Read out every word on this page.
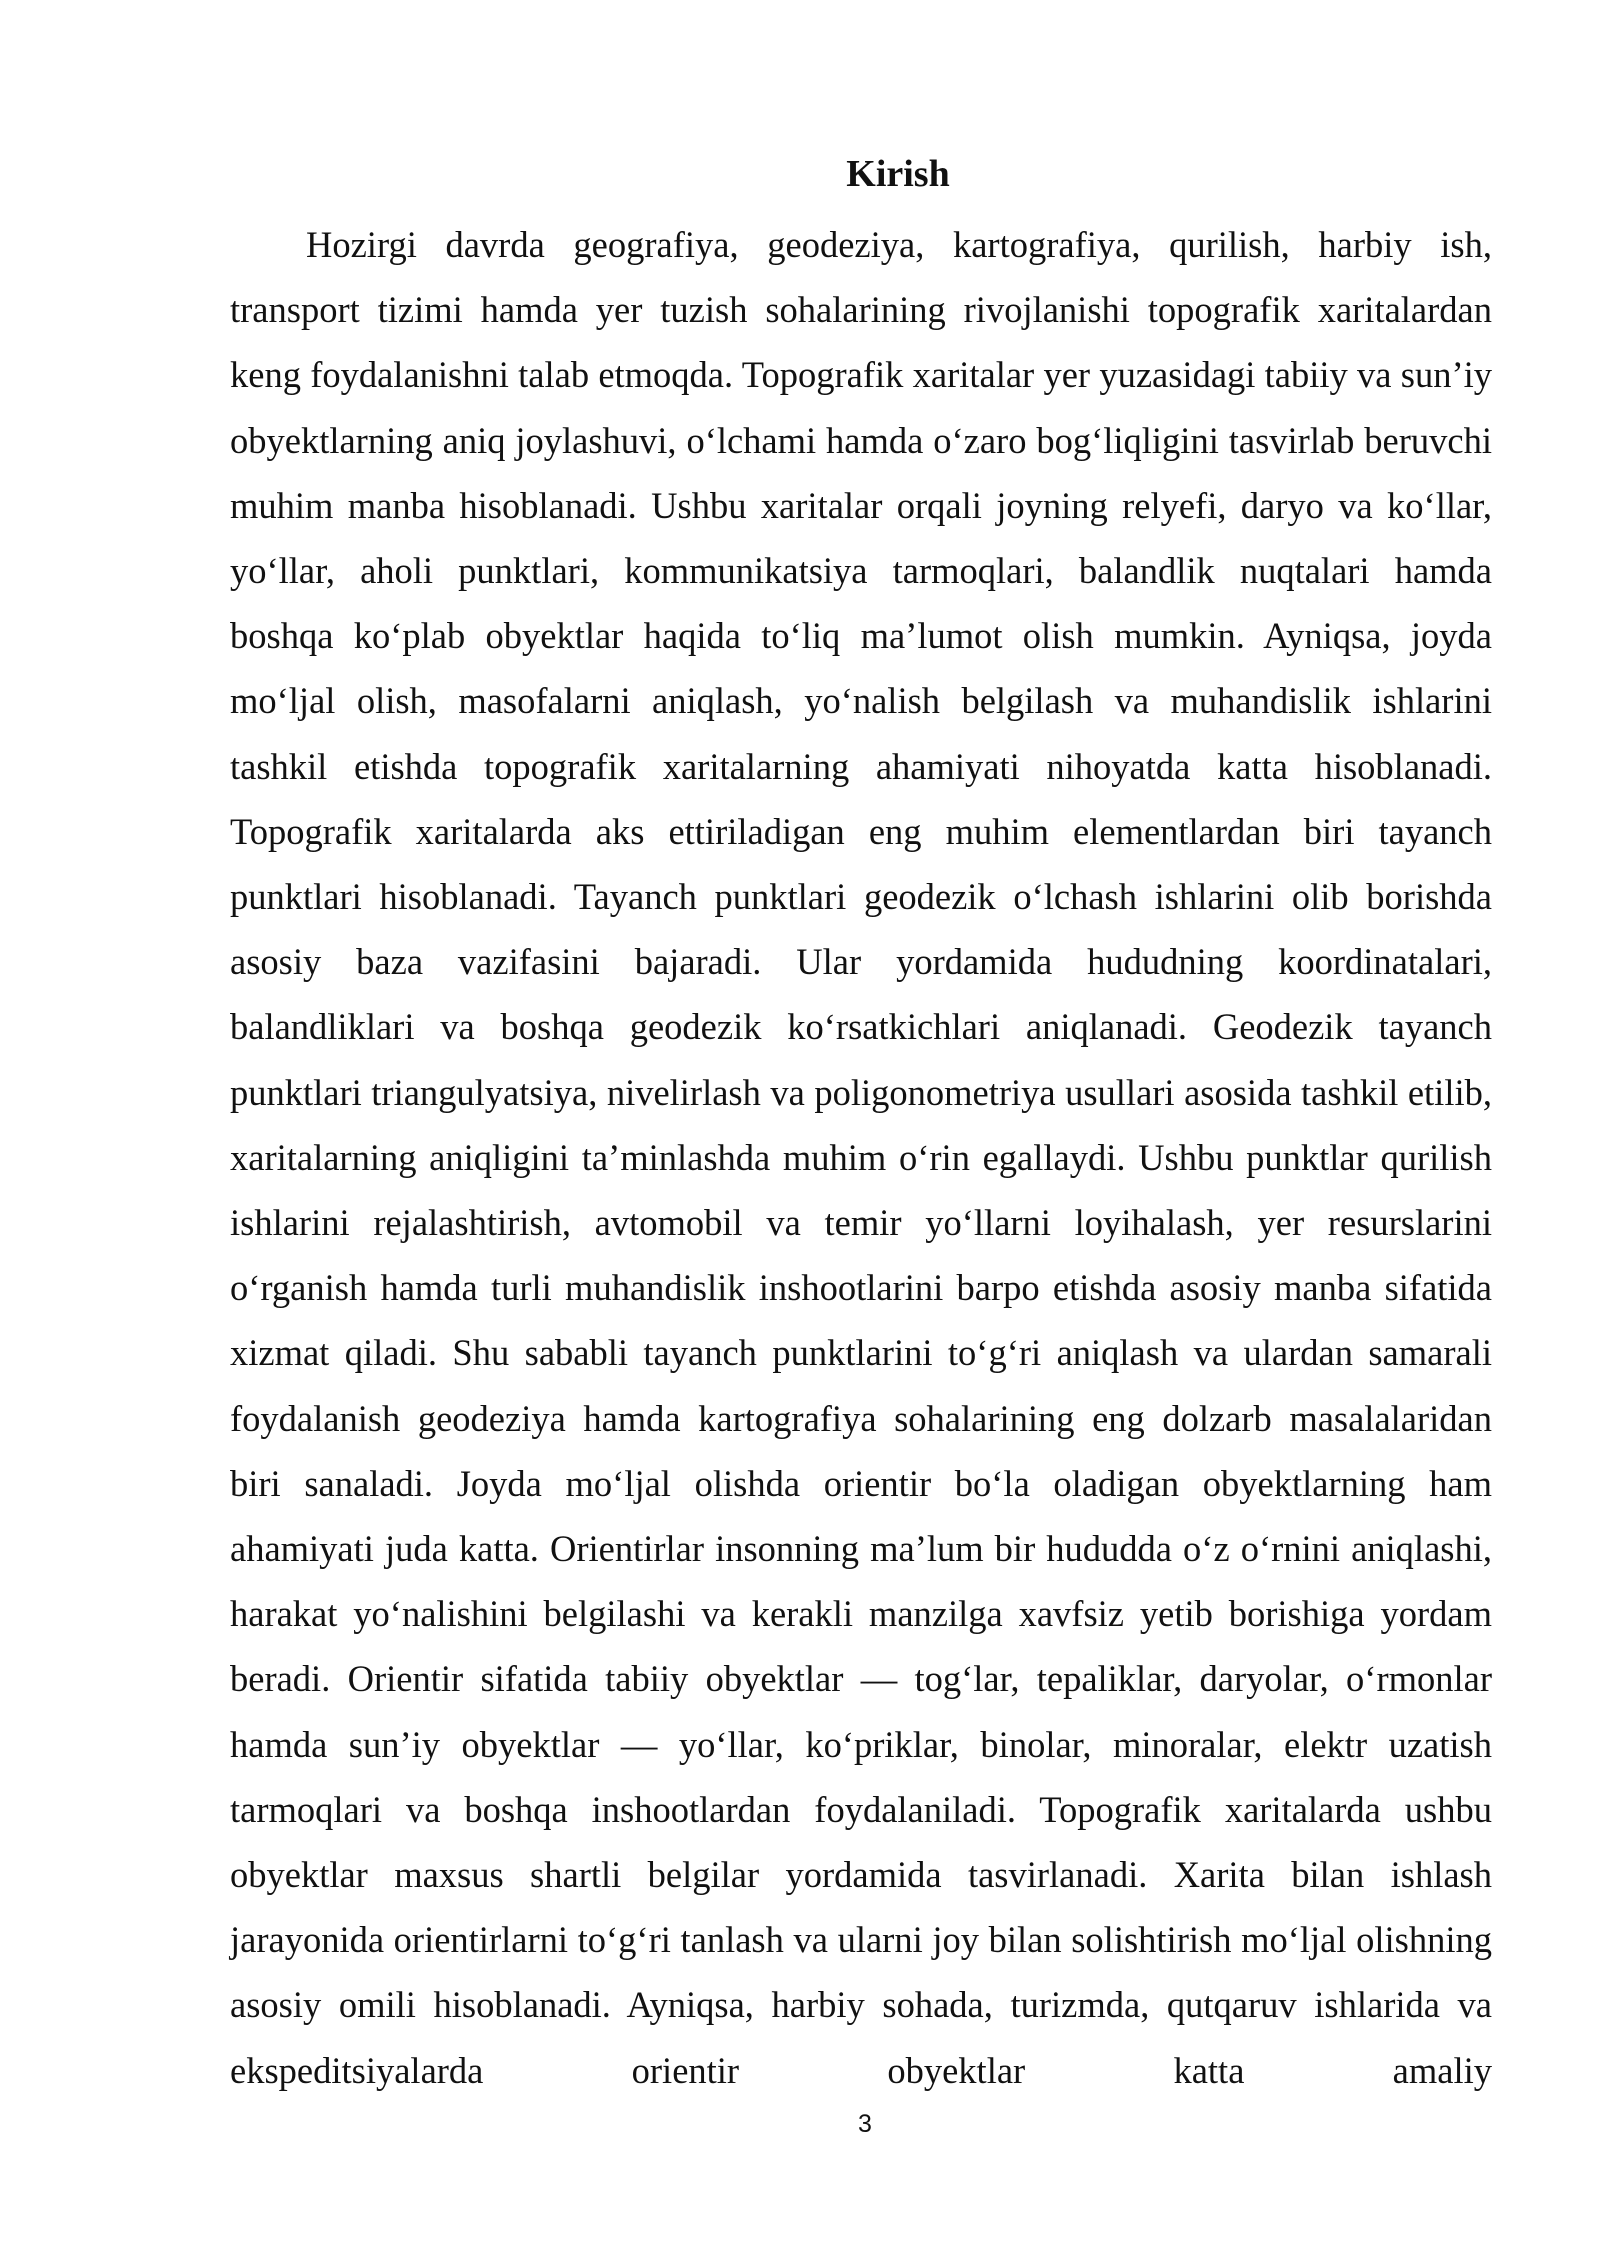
Kirish

Hozirgi davrda geografiya, geodeziya, kartografiya, qurilish, harbiy ish, transport tizimi hamda yer tuzish sohalarining rivojlanishi topografik xaritalardan keng foydalanishni talab etmoqda. Topografik xaritalar yer yuzasidagi tabiiy va sun’iy obyektlarning aniq joylashuvi, o‘lchami hamda o‘zaro bog‘liqligini tasvirlab beruvchi muhim manba hisoblanadi. Ushbu xaritalar orqali joyning relyefi, daryo va ko‘llar, yo‘llar, aholi punktlari, kommunikatsiya tarmoqlari, balandlik nuqtalari hamda boshqa ko‘plab obyektlar haqida to‘liq ma’lumot olish mumkin. Ayniqsa, joyda mo‘ljal olish, masofalarni aniqlash, yo‘nalish belgilash va muhandislik ishlarini tashkil etishda topografik xaritalarning ahamiyati nihoyatda katta hisoblanadi. Topografik xaritalarda aks ettiriladigan eng muhim elementlardan biri tayanch punktlari hisoblanadi. Tayanch punktlari geodezik o‘lchash ishlarini olib borishda asosiy baza vazifasini bajaradi. Ular yordamida hududning koordinatalari, balandliklari va boshqa geodezik ko‘rsatkichlari aniqlanadi. Geodezik tayanch punktlari triangulyatsiya, nivelirlash va poligonometriya usullari asosida tashkil etilib, xaritalarning aniqligini ta’minlashda muhim o‘rin egallaydi. Ushbu punktlar qurilish ishlarini rejalashtirish, avtomobil va temir yo‘llarni loyihalash, yer resurslarini o‘rganish hamda turli muhandislik inshootlarini barpo etishda asosiy manba sifatida xizmat qiladi. Shu sababli tayanch punktlarini to‘g‘ri aniqlash va ulardan samarali foydalanish geodeziya hamda kartografiya sohalarining eng dolzarb masalalaridan biri sanaladi. Joyda mo‘ljal olishda orientir bo‘la oladigan obyektlarning ham ahamiyati juda katta. Orientirlar insonning ma’lum bir hududda o‘z o‘rnini aniqlashi, harakat yo‘nalishini belgilashi va kerakli manzilga xavfsiz yetib borishiga yordam beradi. Orientir sifatida tabiiy obyektlar — tog‘lar, tepaliklar, daryolar, o‘rmonlar hamda sun’iy obyektlar — yo‘llar, ko‘priklar, binolar, minoralar, elektr uzatish tarmoqlari va boshqa inshootlardan foydalaniladi. Topografik xaritalarda ushbu obyektlar maxsus shartli belgilar yordamida tasvirlanadi. Xarita bilan ishlash jarayonida orientirlarni to‘g‘ri tanlash va ularni joy bilan solishtirish mo‘ljal olishning asosiy omili hisoblanadi. Ayniqsa, harbiy sohada, turizmda, qutqaruv ishlarida va ekspeditsiyalarda orientir obyektlar katta amaliy

3
